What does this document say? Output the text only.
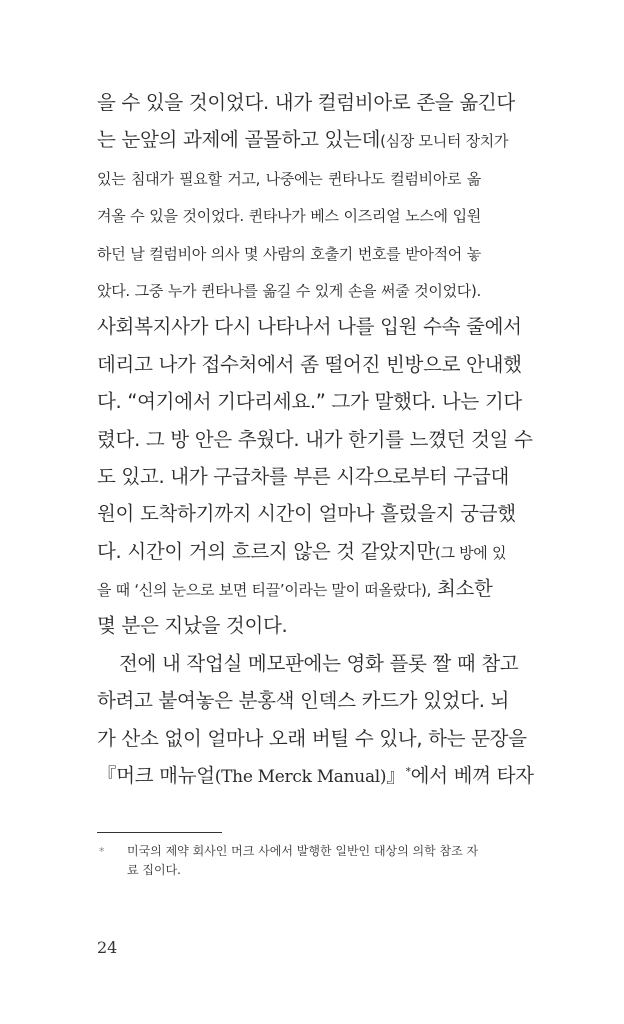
을 수 있을 것이었다. 내가 컬럼비아로 존을 옮긴다
는 눈앞의 과제에 골몰하고 있는데(심장 모니터 장치가
있는 침대가 필요할 거고, 나중에는 퀸타나도 컬럼비아로 옮
겨올 수 있을 것이었다. 퀸타나가 베스 이즈리얼 노스에 입원
하던 날 컬럼비아 의사 몇 사람의 호출기 번호를 받아적어 놓
았다. 그중 누가 퀸타나를 옮길 수 있게 손을 써줄 것이었다).
사회복지사가 다시 나타나서 나를 입원 수속 줄에서
데리고 나가 접수처에서 좀 떨어진 빈방으로 안내했
다. “여기에서 기다리세요.” 그가 말했다. 나는 기다
렸다. 그 방 안은 추웠다. 내가 한기를 느꼈던 것일 수
도 있고. 내가 구급차를 부른 시각으로부터 구급대
원이 도착하기까지 시간이 얼마나 흘렀을지 궁금했
다. 시간이 거의 흐르지 않은 것 같았지만(그 방에 있
을 때 ‘신의 눈으로 보면 티끌’이라는 말이 떠올랐다), 최소한
몇 분은 지났을 것이다.
전에 내 작업실 메모판에는 영화 플롯 짤 때 참고
하려고 붙여놓은 분홍색 인덱스 카드가 있었다. 뇌
가 산소 없이 얼마나 오래 버틸 수 있나, 하는 문장을
『머크 매뉴얼(The Merck Manual)』*에서 베껴 타자
* 미국의 제약 회사인 머크 사에서 발행한 일반인 대상의 의학 참조 자료 집이다.
24
